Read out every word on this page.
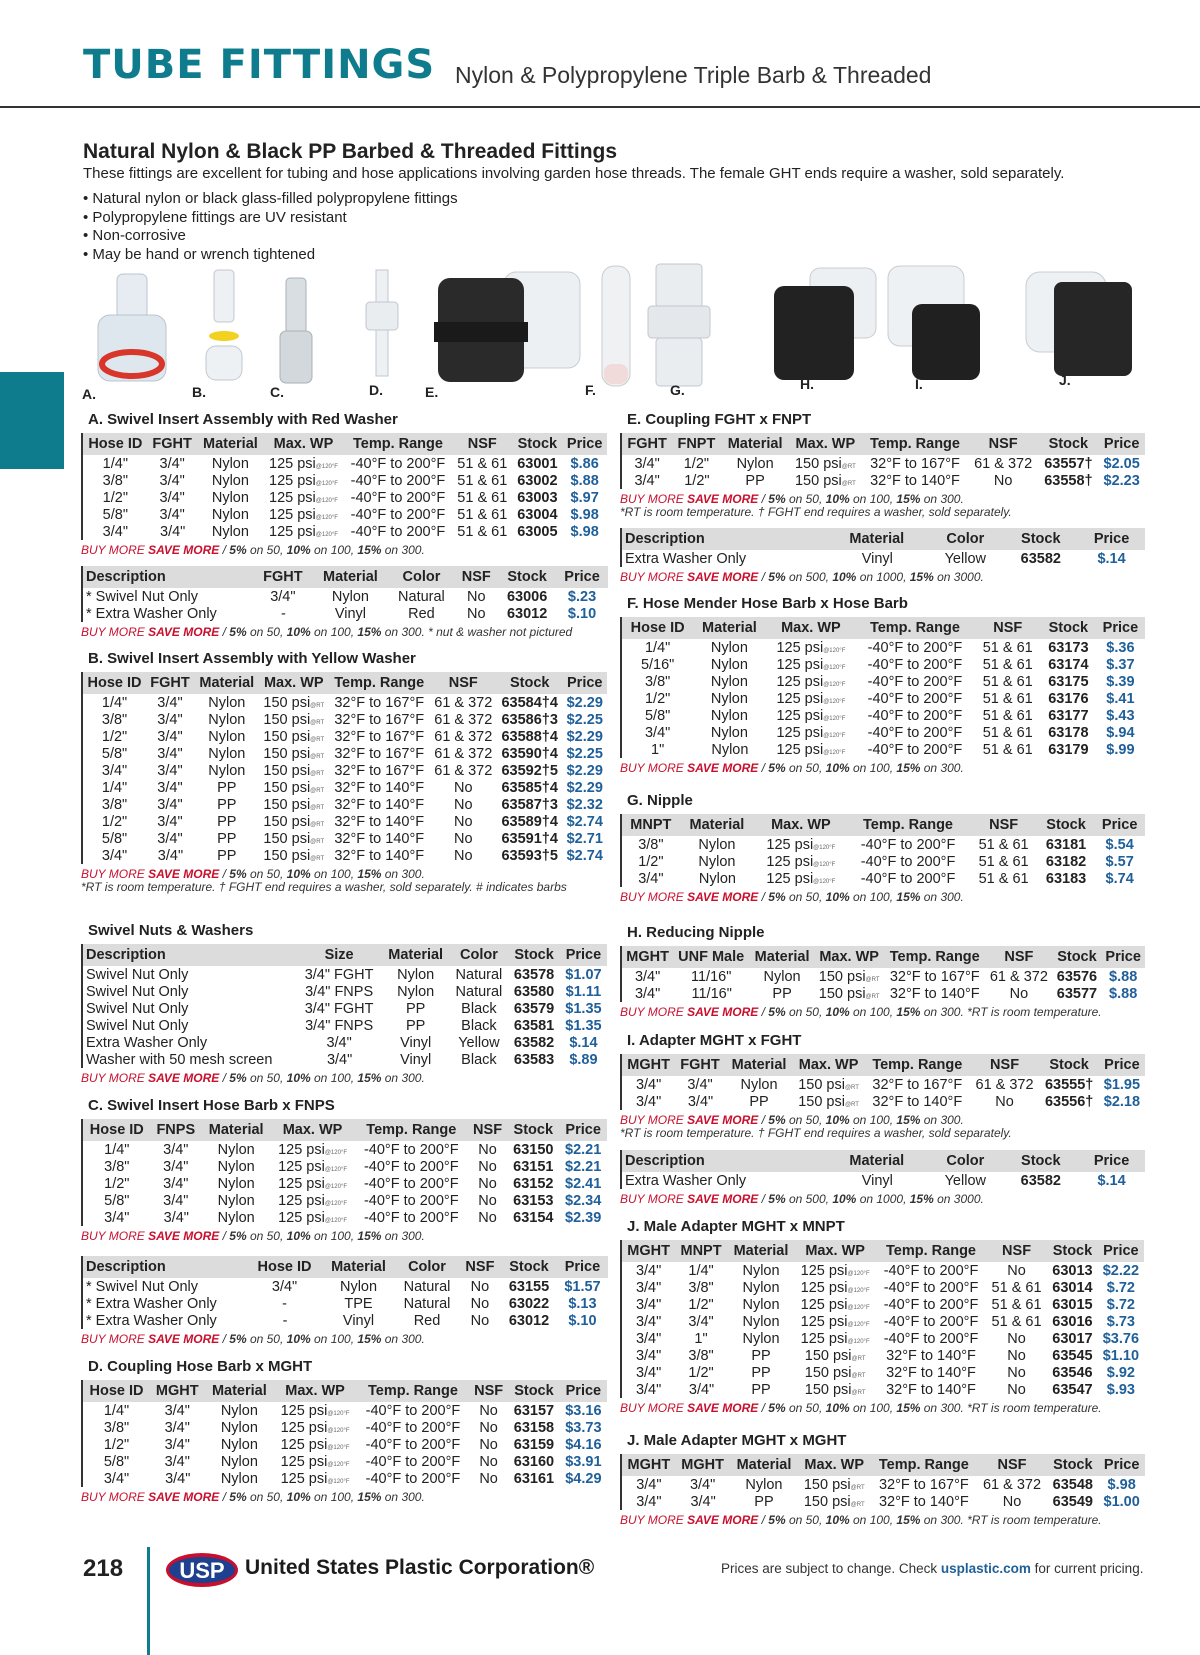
TUBE FITTINGS Nylon & Polypropylene Triple Barb & Threaded
Natural Nylon & Black PP Barbed & Threaded Fittings
These fittings are excellent for tubing and hose applications involving garden hose threads. The female GHT ends require a washer, sold separately.
• Natural nylon or black glass-filled polypropylene fittings
• Polypropylene fittings are UV resistant
• Non-corrosive
• May be hand or wrench tightened
A.	B.	C.	D.	E.	F.	G.	H.	I.	J.
A. Swivel Insert Assembly with Red Washer
Hose ID	FGHT	Material	Max. WP	Temp. Range	NSF	Stock	Price
1/4"	3/4"	Nylon	125 psi@120°F	-40°F to 200°F	51 & 61	63001	$.86
3/8"	3/4"	Nylon	125 psi@120°F	-40°F to 200°F	51 & 61	63002	$.88
1/2"	3/4"	Nylon	125 psi@120°F	-40°F to 200°F	51 & 61	63003	$.97
5/8"	3/4"	Nylon	125 psi@120°F	-40°F to 200°F	51 & 61	63004	$.98
3/4"	3/4"	Nylon	125 psi@120°F	-40°F to 200°F	51 & 61	63005	$.98
BUY MORE SAVE MORE / 5% on 50, 10% on 100, 15% on 300.
Description	FGHT	Material	Color	NSF	Stock	Price
* Swivel Nut Only	3/4"	Nylon	Natural	No	63006	$.23
* Extra Washer Only	-	Vinyl	Red	No	63012	$.10
BUY MORE SAVE MORE / 5% on 50, 10% on 100, 15% on 300. * nut & washer not pictured
B. Swivel Insert Assembly with Yellow Washer
Hose ID	FGHT	Material	Max. WP	Temp. Range	NSF	Stock	Price
1/4"	3/4"	Nylon	150 psi@RT	32°F to 167°F	61 & 372	63584†4	$2.29
3/8"	3/4"	Nylon	150 psi@RT	32°F to 167°F	61 & 372	63586†3	$2.25
1/2"	3/4"	Nylon	150 psi@RT	32°F to 167°F	61 & 372	63588†4	$2.29
5/8"	3/4"	Nylon	150 psi@RT	32°F to 167°F	61 & 372	63590†4	$2.25
3/4"	3/4"	Nylon	150 psi@RT	32°F to 167°F	61 & 372	63592†5	$2.29
1/4"	3/4"	PP	150 psi@RT	32°F to 140°F	No	63585†4	$2.29
3/8"	3/4"	PP	150 psi@RT	32°F to 140°F	No	63587†3	$2.32
1/2"	3/4"	PP	150 psi@RT	32°F to 140°F	No	63589†4	$2.74
5/8"	3/4"	PP	150 psi@RT	32°F to 140°F	No	63591†4	$2.71
3/4"	3/4"	PP	150 psi@RT	32°F to 140°F	No	63593†5	$2.74
BUY MORE SAVE MORE / 5% on 50, 10% on 100, 15% on 300.
*RT is room temperature. † FGHT end requires a washer, sold separately. # indicates barbs
Swivel Nuts & Washers
Description	Size	Material	Color	Stock	Price
Swivel Nut Only	3/4" FGHT	Nylon	Natural	63578	$1.07
Swivel Nut Only	3/4" FNPS	Nylon	Natural	63580	$1.11
Swivel Nut Only	3/4" FGHT	PP	Black	63579	$1.35
Swivel Nut Only	3/4" FNPS	PP	Black	63581	$1.35
Extra Washer Only	3/4"	Vinyl	Yellow	63582	$.14
Washer with 50 mesh screen	3/4"	Vinyl	Black	63583	$.89
BUY MORE SAVE MORE / 5% on 50, 10% on 100, 15% on 300.
C. Swivel Insert Hose Barb x FNPS
Hose ID	FNPS	Material	Max. WP	Temp. Range	NSF	Stock	Price
1/4"	3/4"	Nylon	125 psi@120°F	-40°F to 200°F	No	63150	$2.21
3/8"	3/4"	Nylon	125 psi@120°F	-40°F to 200°F	No	63151	$2.21
1/2"	3/4"	Nylon	125 psi@120°F	-40°F to 200°F	No	63152	$2.41
5/8"	3/4"	Nylon	125 psi@120°F	-40°F to 200°F	No	63153	$2.34
3/4"	3/4"	Nylon	125 psi@120°F	-40°F to 200°F	No	63154	$2.39
BUY MORE SAVE MORE / 5% on 50, 10% on 100, 15% on 300.
Description	Hose ID	Material	Color	NSF	Stock	Price
* Swivel Nut Only	3/4"	Nylon	Natural	No	63155	$1.57
* Extra Washer Only	-	TPE	Natural	No	63022	$.13
* Extra Washer Only	-	Vinyl	Red	No	63012	$.10
BUY MORE SAVE MORE / 5% on 50, 10% on 100, 15% on 300.
D. Coupling Hose Barb x MGHT
Hose ID	MGHT	Material	Max. WP	Temp. Range	NSF	Stock	Price
1/4"	3/4"	Nylon	125 psi@120°F	-40°F to 200°F	No	63157	$3.16
3/8"	3/4"	Nylon	125 psi@120°F	-40°F to 200°F	No	63158	$3.73
1/2"	3/4"	Nylon	125 psi@120°F	-40°F to 200°F	No	63159	$4.16
5/8"	3/4"	Nylon	125 psi@120°F	-40°F to 200°F	No	63160	$3.91
3/4"	3/4"	Nylon	125 psi@120°F	-40°F to 200°F	No	63161	$4.29
BUY MORE SAVE MORE / 5% on 50, 10% on 100, 15% on 300.
E. Coupling FGHT x FNPT
FGHT	FNPT	Material	Max. WP	Temp. Range	NSF	Stock	Price
3/4"	1/2"	Nylon	150 psi@RT	32°F to 167°F	61 & 372	63557†	$2.05
3/4"	1/2"	PP	150 psi@RT	32°F to 140°F	No	63558†	$2.23
BUY MORE SAVE MORE / 5% on 50, 10% on 100, 15% on 300.
*RT is room temperature. † FGHT end requires a washer, sold separately.
Description	Material	Color	Stock	Price
Extra Washer Only	Vinyl	Yellow	63582	$.14
BUY MORE SAVE MORE / 5% on 500, 10% on 1000, 15% on 3000.
F. Hose Mender Hose Barb x Hose Barb
Hose ID	Material	Max. WP	Temp. Range	NSF	Stock	Price
1/4"	Nylon	125 psi@120°F	-40°F to 200°F	51 & 61	63173	$.36
5/16"	Nylon	125 psi@120°F	-40°F to 200°F	51 & 61	63174	$.37
3/8"	Nylon	125 psi@120°F	-40°F to 200°F	51 & 61	63175	$.39
1/2"	Nylon	125 psi@120°F	-40°F to 200°F	51 & 61	63176	$.41
5/8"	Nylon	125 psi@120°F	-40°F to 200°F	51 & 61	63177	$.43
3/4"	Nylon	125 psi@120°F	-40°F to 200°F	51 & 61	63178	$.94
1"	Nylon	125 psi@120°F	-40°F to 200°F	51 & 61	63179	$.99
BUY MORE SAVE MORE / 5% on 50, 10% on 100, 15% on 300.
G. Nipple
MNPT	Material	Max. WP	Temp. Range	NSF	Stock	Price
3/8"	Nylon	125 psi@120°F	-40°F to 200°F	51 & 61	63181	$.54
1/2"	Nylon	125 psi@120°F	-40°F to 200°F	51 & 61	63182	$.57
3/4"	Nylon	125 psi@120°F	-40°F to 200°F	51 & 61	63183	$.74
BUY MORE SAVE MORE / 5% on 50, 10% on 100, 15% on 300.
H. Reducing Nipple
MGHT	UNF Male	Material	Max. WP	Temp. Range	NSF	Stock	Price
3/4"	11/16"	Nylon	150 psi@RT	32°F to 167°F	61 & 372	63576	$.88
3/4"	11/16"	PP	150 psi@RT	32°F to 140°F	No	63577	$.88
BUY MORE SAVE MORE / 5% on 50, 10% on 100, 15% on 300. *RT is room temperature.
I. Adapter MGHT x FGHT
MGHT	FGHT	Material	Max. WP	Temp. Range	NSF	Stock	Price
3/4"	3/4"	Nylon	150 psi@RT	32°F to 167°F	61 & 372	63555†	$1.95
3/4"	3/4"	PP	150 psi@RT	32°F to 140°F	No	63556†	$2.18
BUY MORE SAVE MORE / 5% on 50, 10% on 100, 15% on 300.
*RT is room temperature. † FGHT end requires a washer, sold separately.
Description	Material	Color	Stock	Price
Extra Washer Only	Vinyl	Yellow	63582	$.14
BUY MORE SAVE MORE / 5% on 500, 10% on 1000, 15% on 3000.
J. Male Adapter MGHT x MNPT
MGHT	MNPT	Material	Max. WP	Temp. Range	NSF	Stock	Price
3/4"	1/4"	Nylon	125 psi@120°F	-40°F to 200°F	No	63013	$2.22
3/4"	3/8"	Nylon	125 psi@120°F	-40°F to 200°F	51 & 61	63014	$.72
3/4"	1/2"	Nylon	125 psi@120°F	-40°F to 200°F	51 & 61	63015	$.72
3/4"	3/4"	Nylon	125 psi@120°F	-40°F to 200°F	51 & 61	63016	$.73
3/4"	1"	Nylon	125 psi@120°F	-40°F to 200°F	No	63017	$3.76
3/4"	3/8"	PP	150 psi@RT	32°F to 140°F	No	63545	$1.10
3/4"	1/2"	PP	150 psi@RT	32°F to 140°F	No	63546	$.92
3/4"	3/4"	PP	150 psi@RT	32°F to 140°F	No	63547	$.93
BUY MORE SAVE MORE / 5% on 50, 10% on 100, 15% on 300. *RT is room temperature.
J. Male Adapter MGHT x MGHT
MGHT	MGHT	Material	Max. WP	Temp. Range	NSF	Stock	Price
3/4"	3/4"	Nylon	150 psi@RT	32°F to 167°F	61 & 372	63548	$.98
3/4"	3/4"	PP	150 psi@RT	32°F to 140°F	No	63549	$1.00
BUY MORE SAVE MORE / 5% on 50, 10% on 100, 15% on 300. *RT is room temperature.
218	USP United States Plastic Corporation®	Prices are subject to change. Check usplastic.com for current pricing.
